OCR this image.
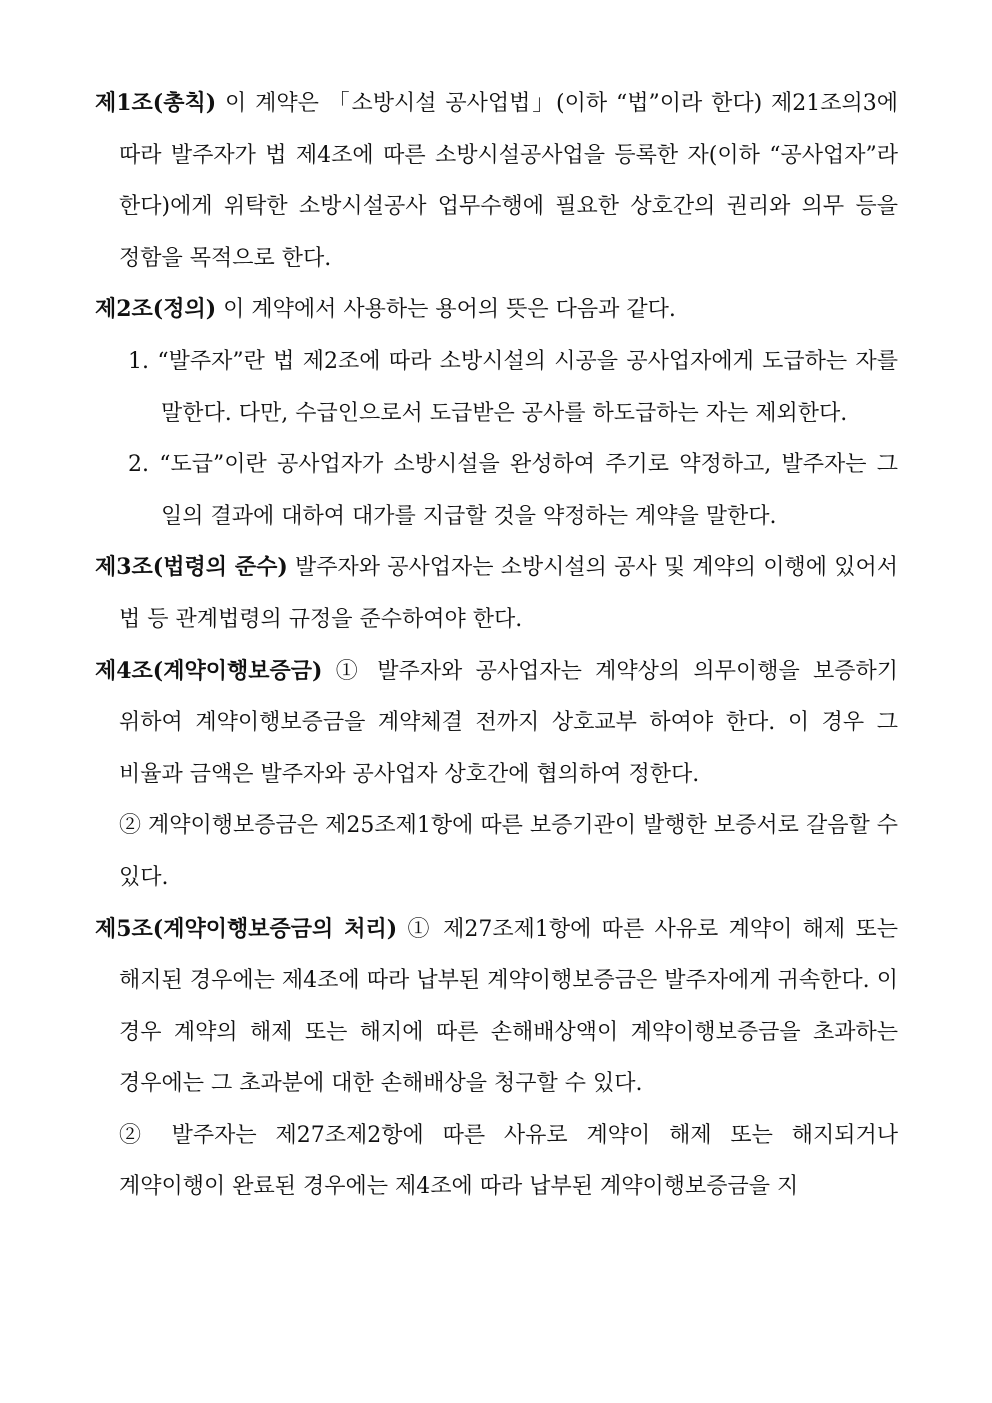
제1조(총칙) 이 계약은 「소방시설 공사업법」(이하 “법”이라 한다) 제21조의3에 따라 발주자가 법 제4조에 따른 소방시설공사업을 등록한 자(이하 “공사업자”라 한다)에게 위탁한 소방시설공사 업무수행에 필요한 상호간의 권리와 의무 등을 정함을 목적으로 한다.

제2조(정의) 이 계약에서 사용하는 용어의 뜻은 다음과 같다.

1. “발주자”란 법 제2조에 따라 소방시설의 시공을 공사업자에게 도급하는 자를 말한다. 다만, 수급인으로서 도급받은 공사를 하도급하는 자는 제외한다.

2. “도급”이란 공사업자가 소방시설을 완성하여 주기로 약정하고, 발주자는 그 일의 결과에 대하여 대가를 지급할 것을 약정하는 계약을 말한다.

제3조(법령의 준수) 발주자와 공사업자는 소방시설의 공사 및 계약의 이행에 있어서 법 등 관계법령의 규정을 준수하여야 한다.

제4조(계약이행보증금) ① 발주자와 공사업자는 계약상의 의무이행을 보증하기 위하여 계약이행보증금을 계약체결 전까지 상호교부 하여야 한다. 이 경우 그 비율과 금액은 발주자와 공사업자 상호간에 협의하여 정한다.

② 계약이행보증금은 제25조제1항에 따른 보증기관이 발행한 보증서로 갈음할 수 있다.

제5조(계약이행보증금의 처리) ① 제27조제1항에 따른 사유로 계약이 해제 또는 해지된 경우에는 제4조에 따라 납부된 계약이행보증금은 발주자에게 귀속한다. 이 경우 계약의 해제 또는 해지에 따른 손해배상액이 계약이행보증금을 초과하는 경우에는 그 초과분에 대한 손해배상을 청구할 수 있다.

② 발주자는 제27조제2항에 따른 사유로 계약이 해제 또는 해지되거나 계약이행이 완료된 경우에는 제4조에 따라 납부된 계약이행보증금을 지
